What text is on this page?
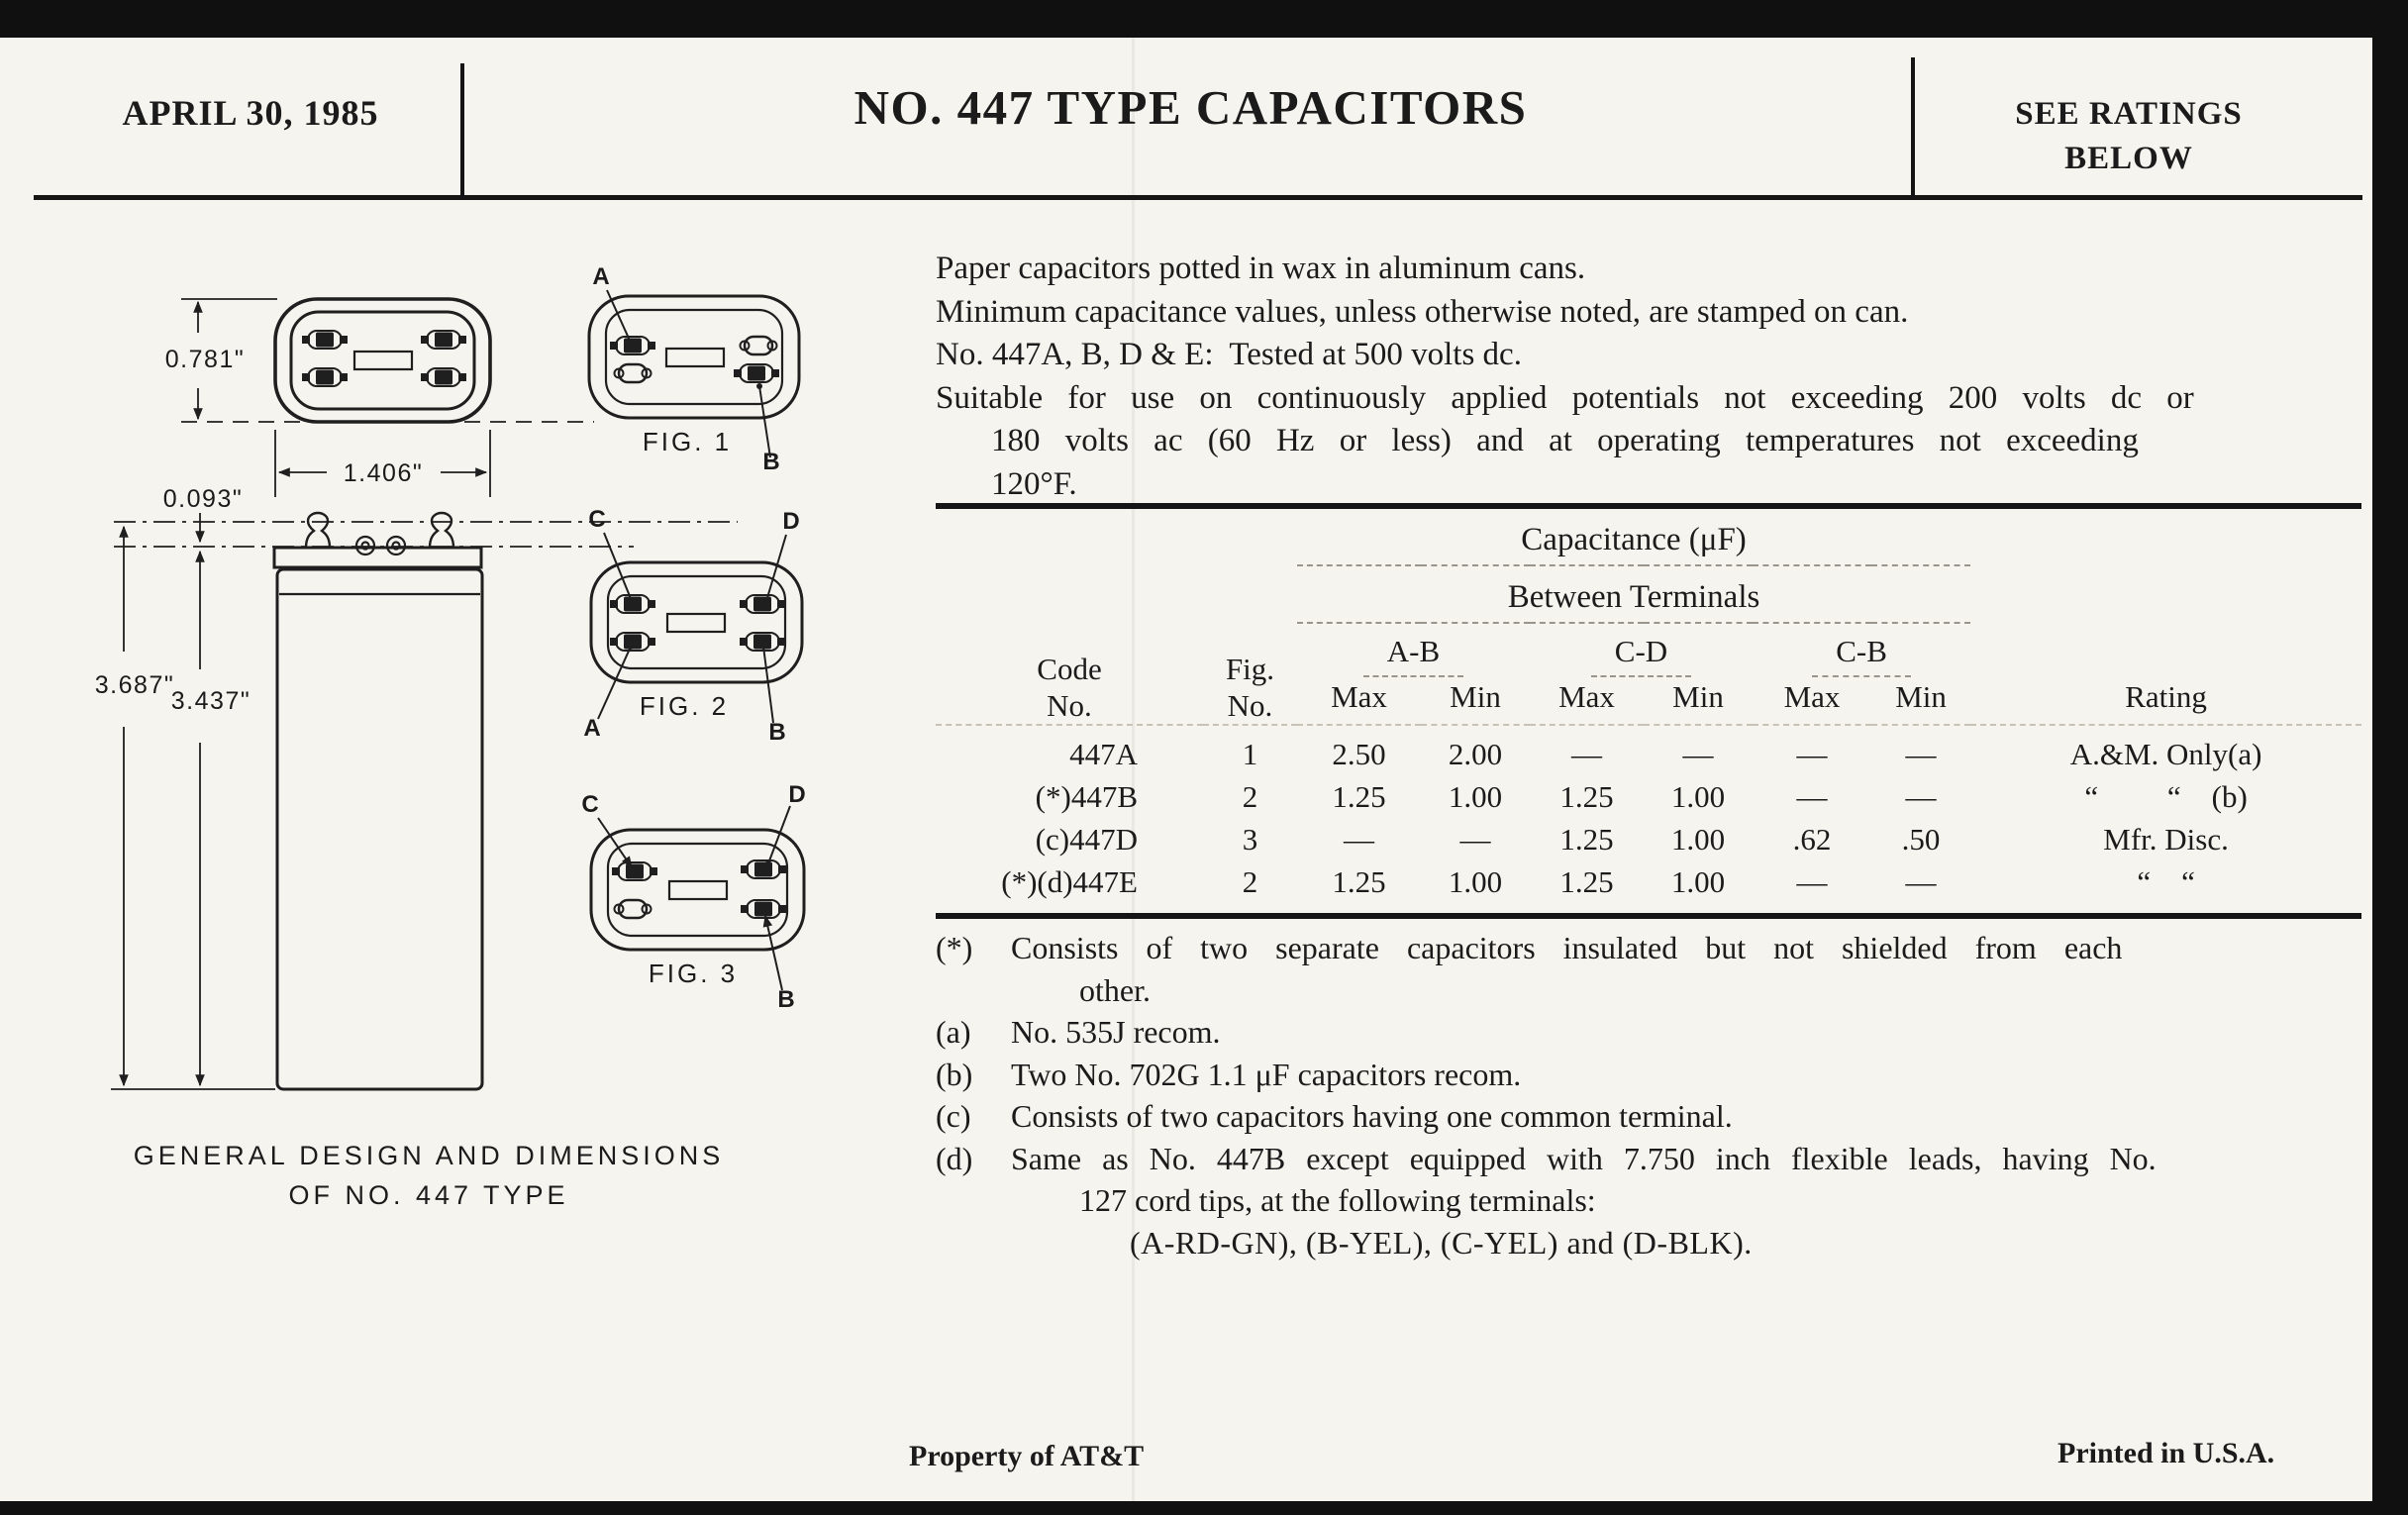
APRIL 30, 1985	NO. 447 TYPE CAPACITORS	SEE RATINGS
BELOW
0.781"
1.406"
0.093"
3.687"
3.437"
A
B
FIG. 1
C	D
A	B
FIG. 2
C	D
B
FIG. 3
GENERAL DESIGN AND DIMENSIONS
OF NO. 447 TYPE
Paper capacitors potted in wax in aluminum cans.
Minimum capacitance values, unless otherwise noted, are stamped on can.
No. 447A, B, D & E:  Tested at 500 volts dc.
Suitable for use on continuously applied potentials not exceeding 200 volts dc or
180 volts ac (60 Hz or less) and at operating temperatures not exceeding
120°F.
		Capacitance (μF)						
		Between Terminals						

Code
No.

Fig.
No.
	A-B	C-D	C-B	Rating
		Max	Min	Max	Min	Max	Min	
447A	1	2.50	2.00	—	—	—	—	A.&M. Only(a)
(*)447B	2	1.25	1.00	1.25	1.00	—	—	“         “    (b)
(c)447D	3	—	—	1.25	1.00	.62	.50	Mfr. Disc.
(*)(d)447E	2	1.25	1.00	1.25	1.00	—	—	“    “
(*)	Consists of two separate capacitors insulated but not shielded from each
other.
(a)	No. 535J recom.
(b)	Two No. 702G 1.1 μF capacitors recom.
(c)	Consists of two capacitors having one common terminal.
(d)	Same as No. 447B except equipped with 7.750 inch flexible leads, having No.
127 cord tips, at the following terminals:
(A-RD-GN), (B-YEL), (C-YEL) and (D-BLK).
Property of AT&T	Printed in U.S.A.
